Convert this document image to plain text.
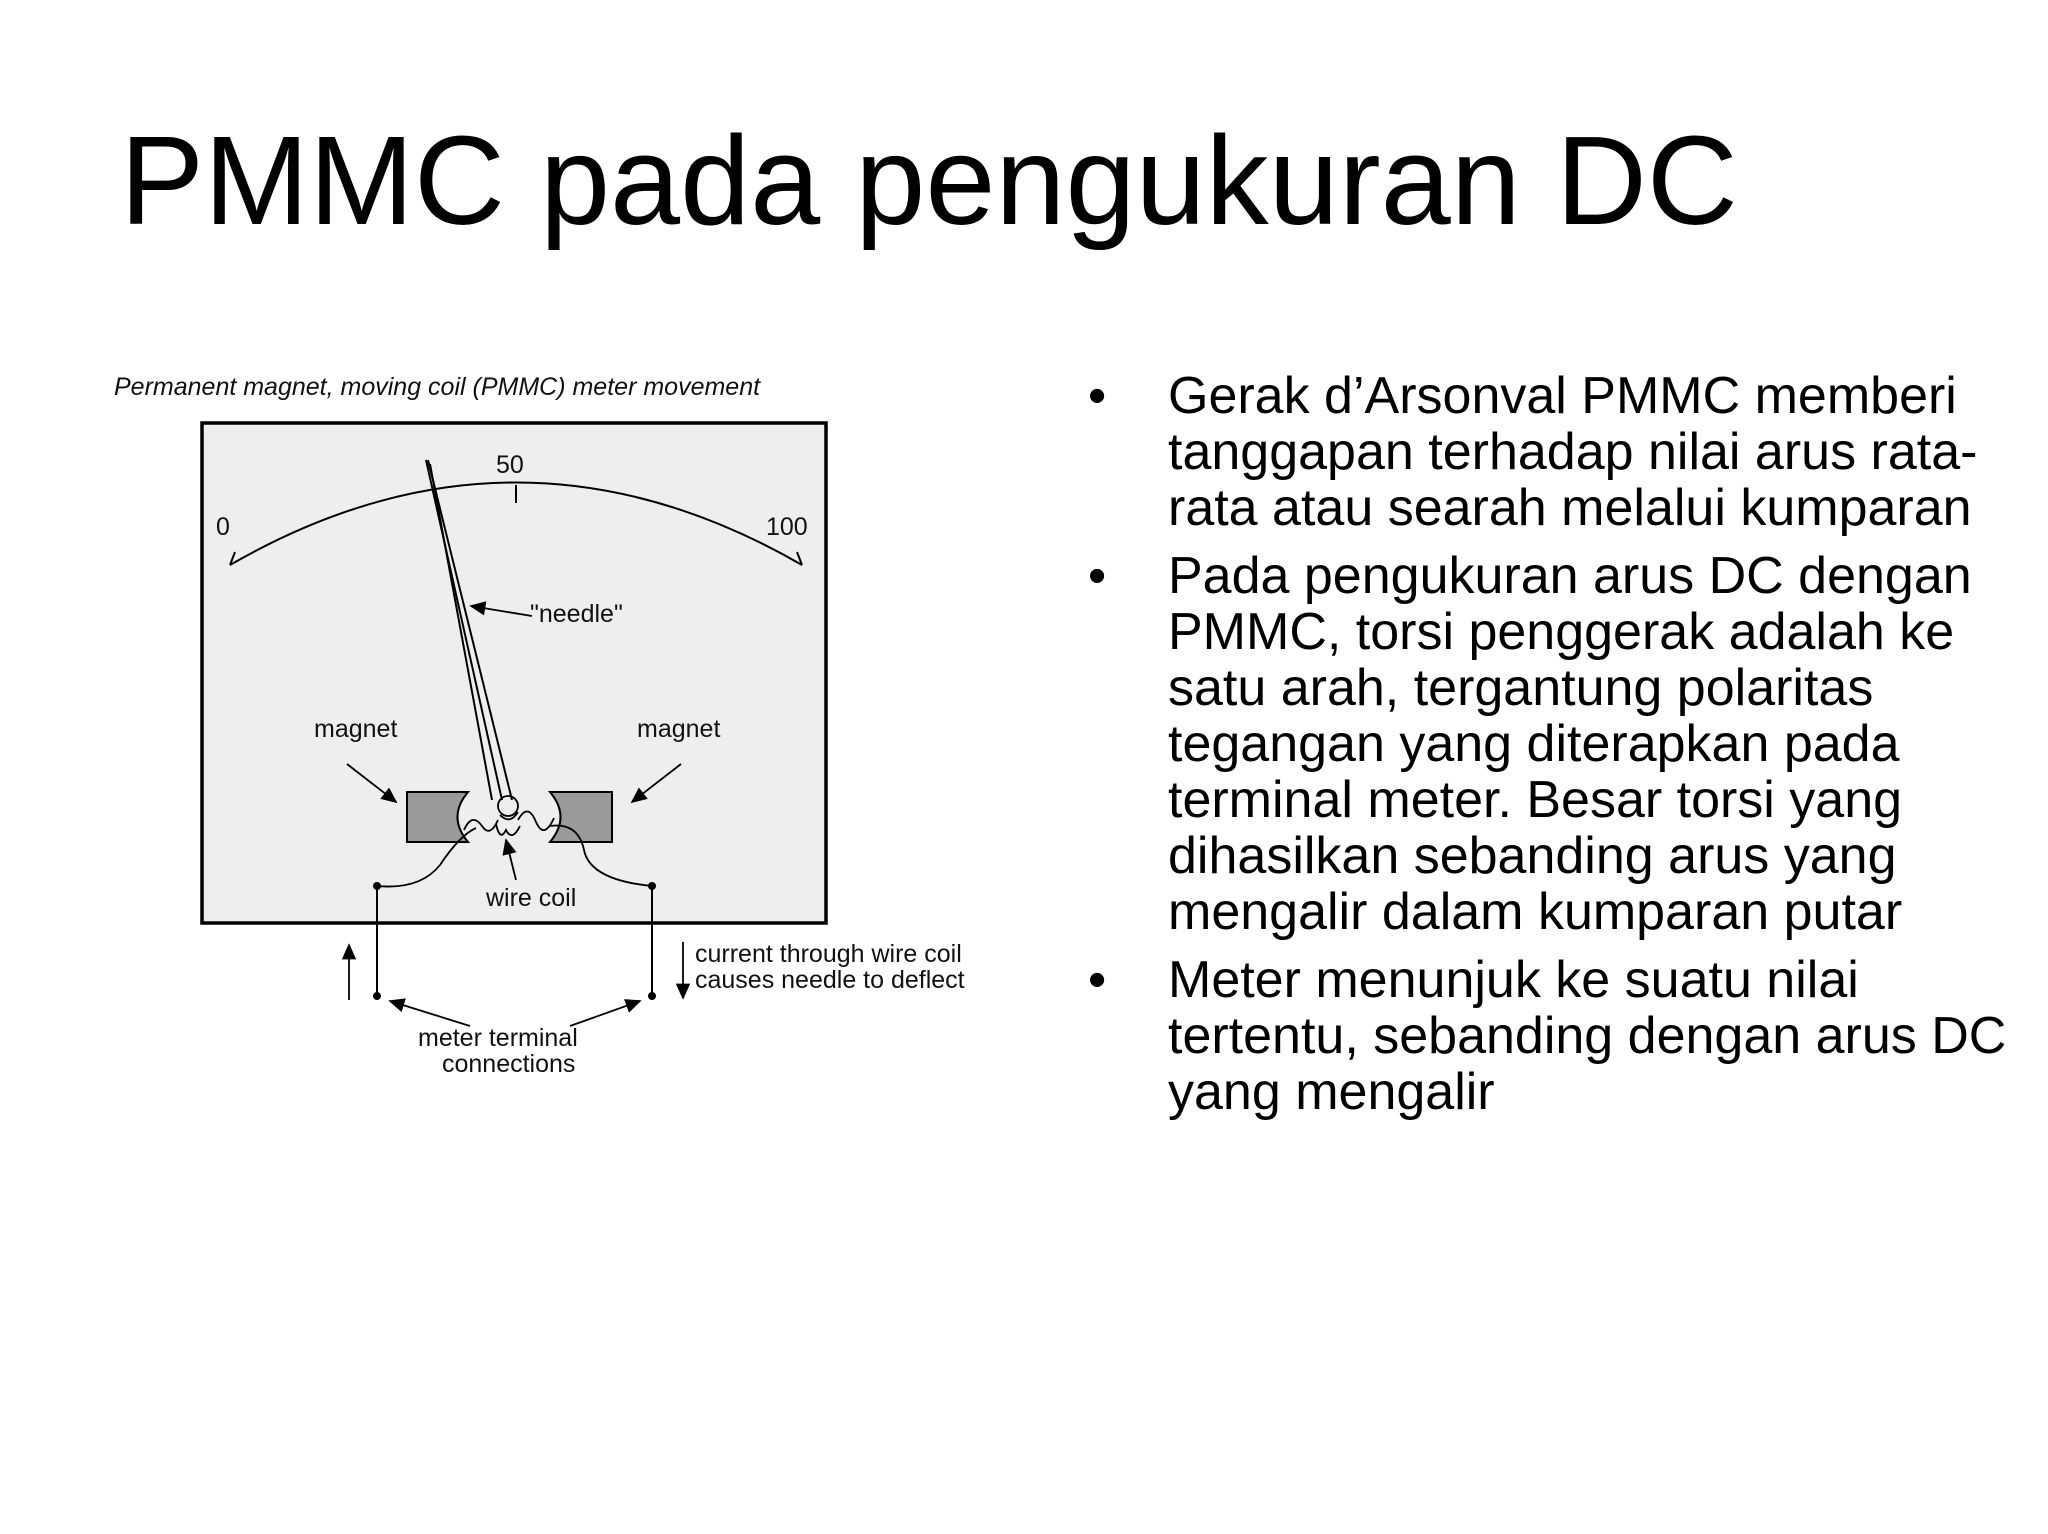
PMMC pada pengukuran DC
Permanent magnet, moving coil (PMMC) meter movement
0
50
100
"needle"
magnet	magnet
wire coil
current through wire coil
causes needle to deflect
meter terminal
connections
• Gerak d’Arsonval PMMC memberi tanggapan terhadap nilai arus rata-rata atau searah melalui kumparan
• Pada pengukuran arus DC dengan PMMC, torsi penggerak adalah ke satu arah, tergantung polaritas tegangan yang diterapkan pada terminal meter. Besar torsi yang dihasilkan sebanding arus yang mengalir dalam kumparan putar
• Meter menunjuk ke suatu nilai tertentu, sebanding dengan arus DC yang mengalir
